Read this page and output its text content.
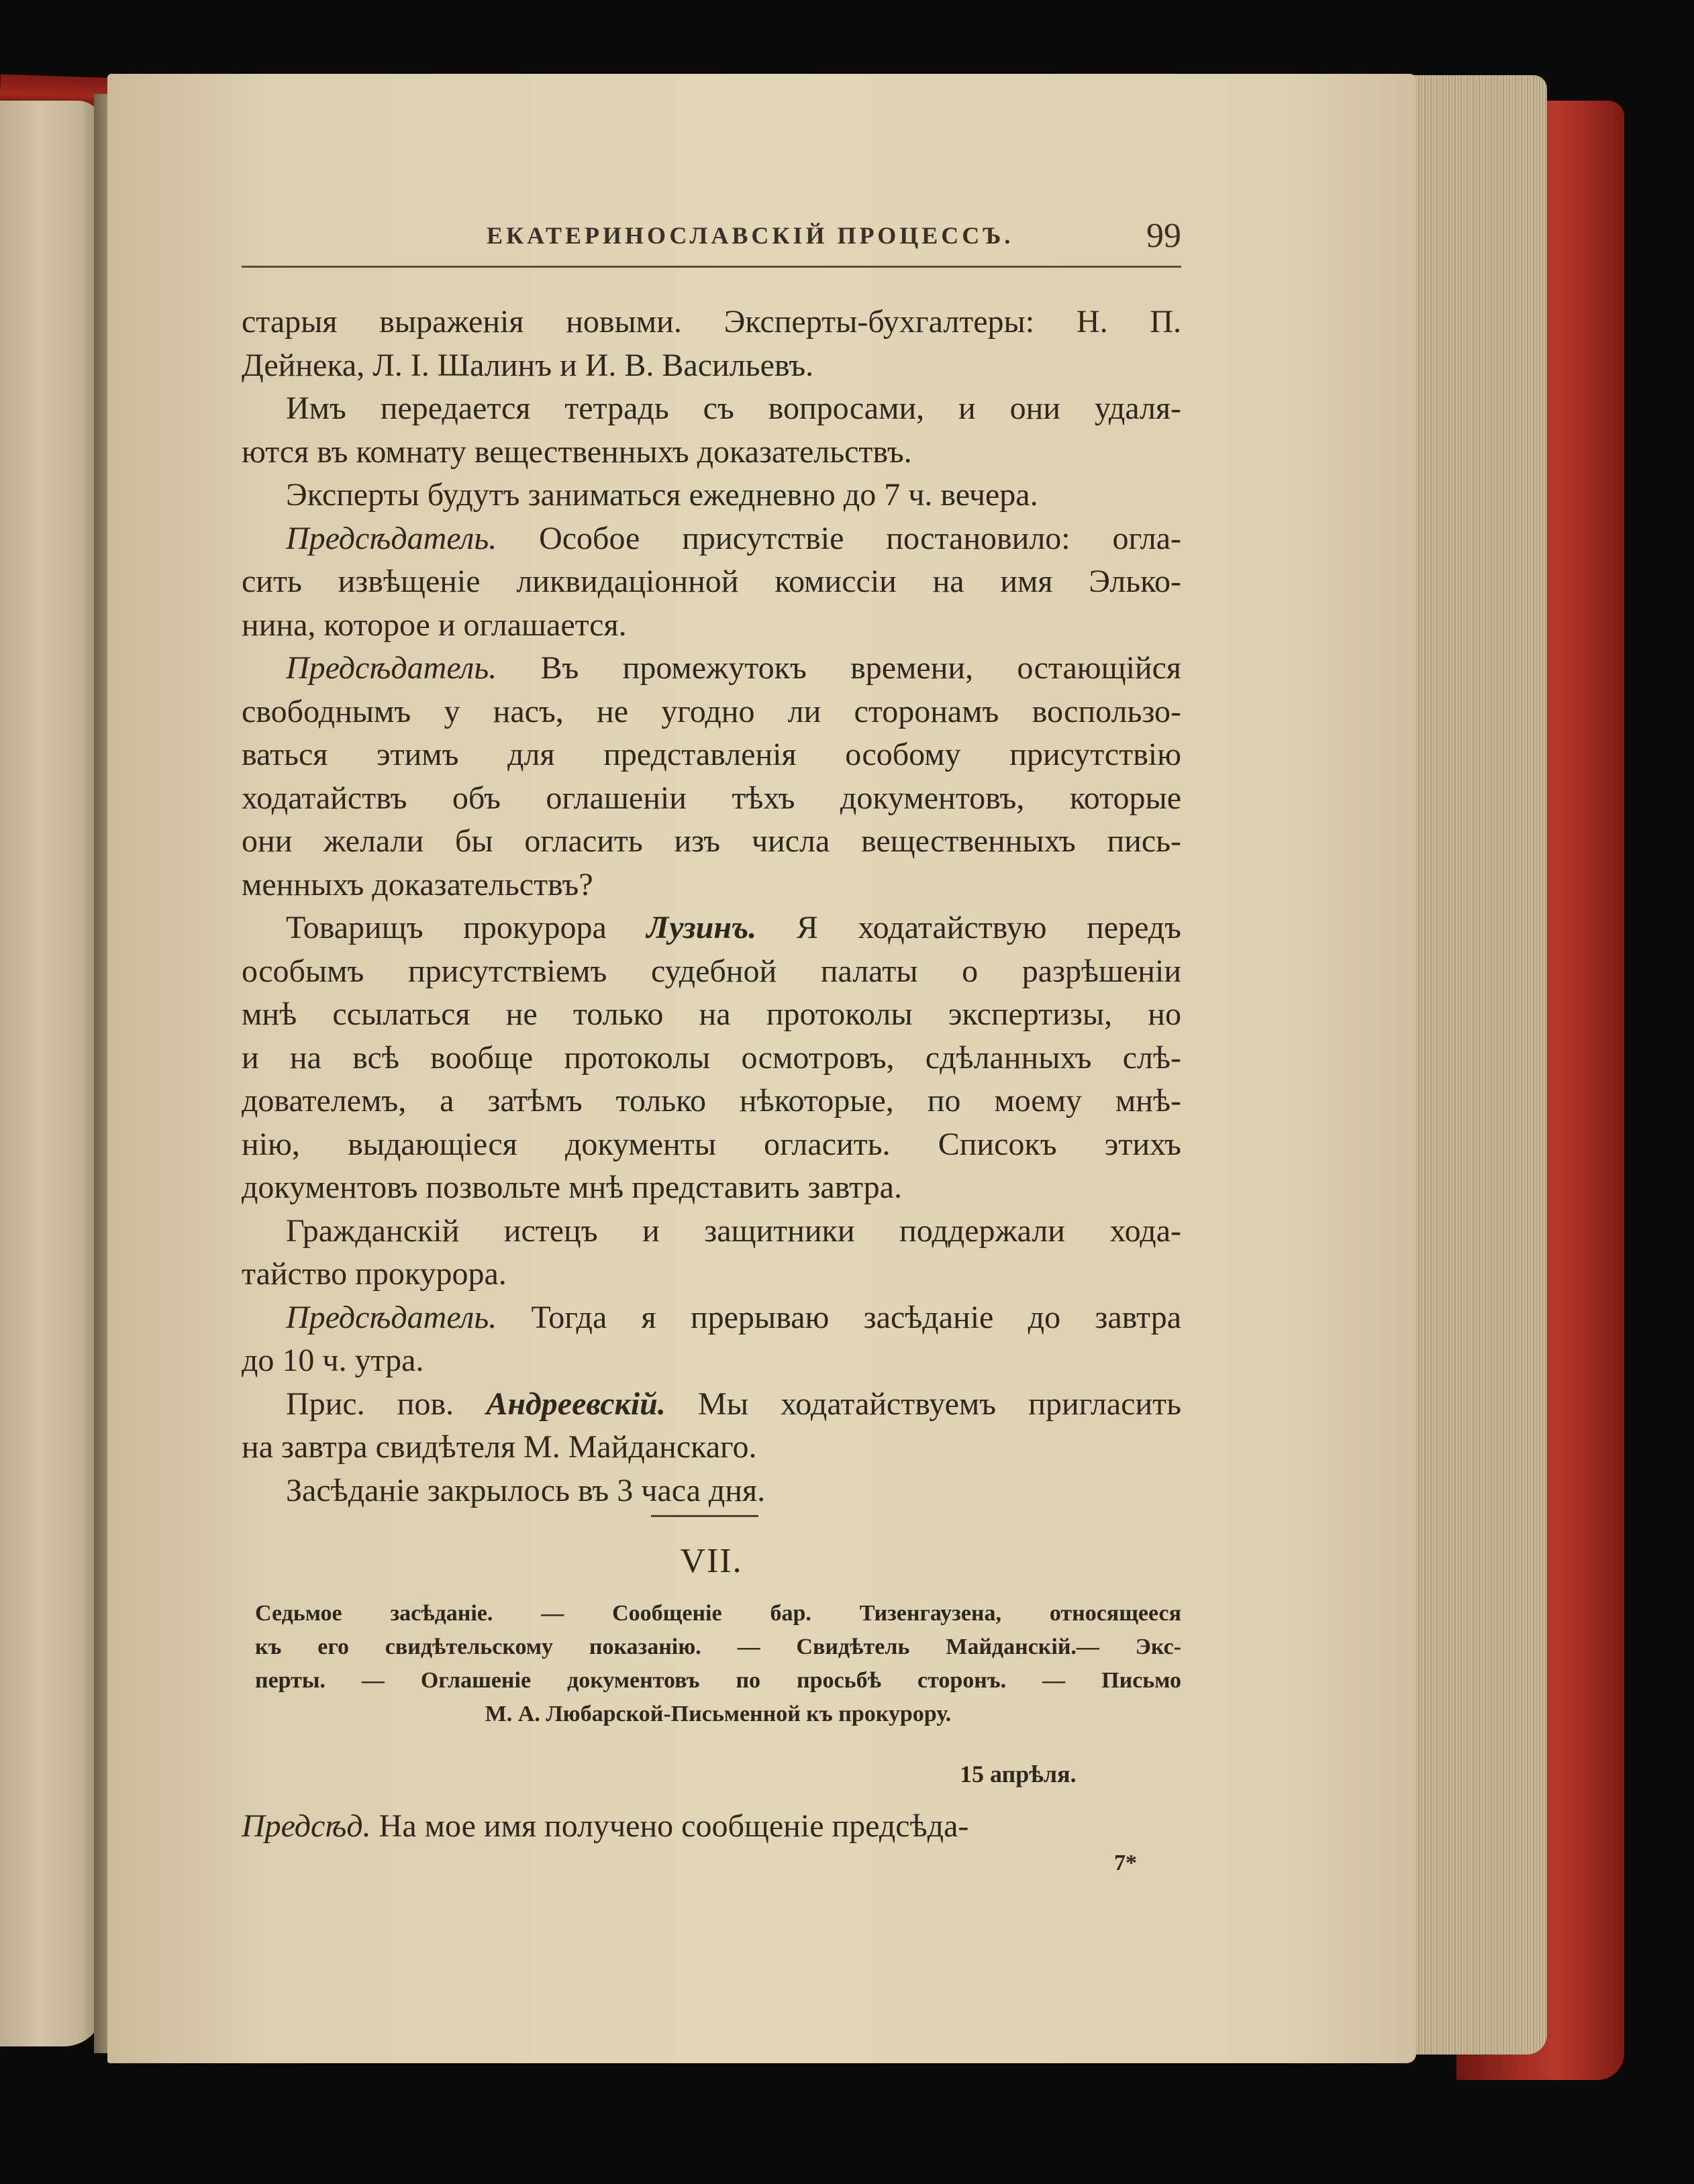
ЕКАТЕРИНОСЛАВСКІЙ ПРОЦЕССЪ.	99
старыя выраженія новыми. Эксперты-бухгалтеры: Н. П.
Дейнека, Л. I. Шалинъ и И. В. Васильевъ.
Имъ передается тетрадь съ вопросами, и они удаля-
ются въ комнату вещественныхъ доказательствъ.
Эксперты будутъ заниматься ежедневно до 7 ч. вечера.
Предсѣдатель. Особое присутствіе постановило: огла-
сить извѣщеніе ликвидаціонной комиссіи на имя Элько-
нина, которое и оглашается.
Предсѣдатель. Въ промежутокъ времени, остающійся
свободнымъ у насъ, не угодно ли сторонамъ воспользо-
ваться этимъ для представленія особому присутствію
ходатайствъ объ оглашеніи тѣхъ документовъ, которые
они желали бы огласить изъ числа вещественныхъ пись-
менныхъ доказательствъ?
Товарищъ прокурора Лузинъ. Я ходатайствую передъ
особымъ присутствіемъ судебной палаты о разрѣшеніи
мнѣ ссылаться не только на протоколы экспертизы, но
и на всѣ вообще протоколы осмотровъ, сдѣланныхъ слѣ-
дователемъ, а затѣмъ только нѣкоторые, по моему мнѣ-
нію, выдающіеся документы огласить. Списокъ этихъ
документовъ позвольте мнѣ представить завтра.
Гражданскій истецъ и защитники поддержали хода-
тайство прокурора.
Предсѣдатель. Тогда я прерываю засѣданіе до завтра
до 10 ч. утра.
Прис. пов. Андреевскій. Мы ходатайствуемъ пригласить
на завтра свидѣтеля М. Майданскаго.
Засѣданіе закрылось въ 3 часа дня.
VII.
Седьмое засѣданіе. — Сообщеніе бар. Тизенгаузена, относящееся
къ его свидѣтельскому показанію. — Свидѣтель Майданскій.— Экс-
перты. — Оглашеніе документовъ по просьбѣ сторонъ. — Письмо
М. А. Любарской-Письменной къ прокурору.
15 апрѣля.
Предсѣд. На мое имя получено сообщеніе предсѣда-
7*
